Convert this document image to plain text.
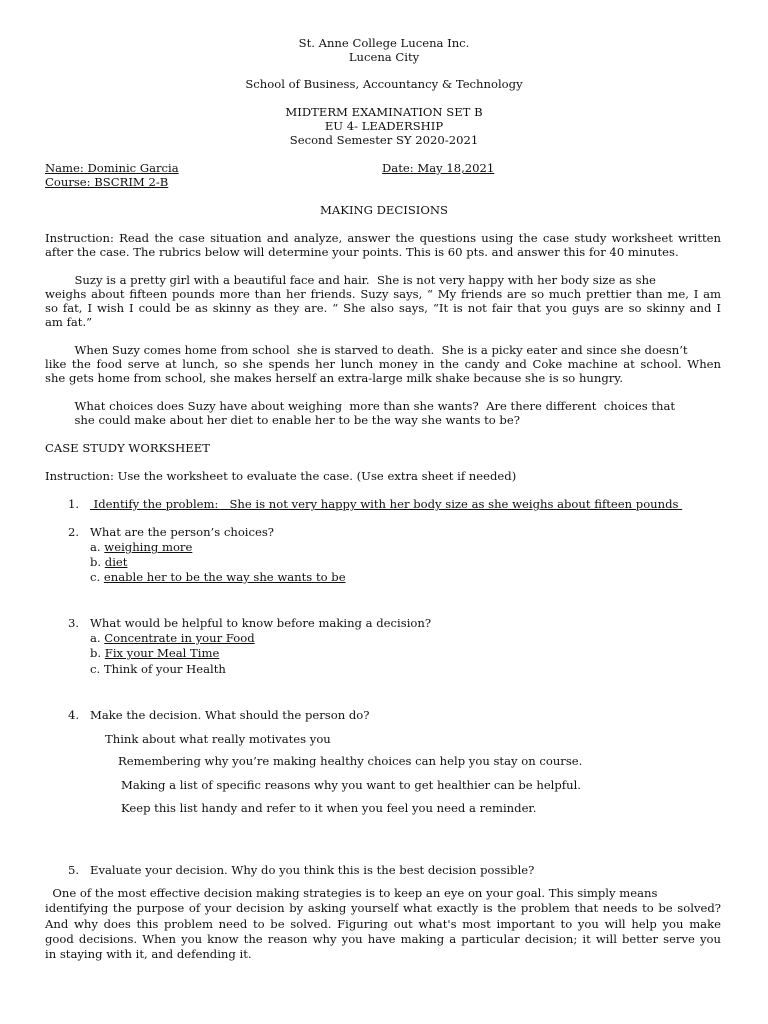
St. Anne College Lucena Inc.
Lucena City
School of Business, Accountancy & Technology
MIDTERM EXAMINATION SET B
EU 4- LEADERSHIP
Second Semester SY 2020-2021
Name: Dominic Garcia	Date: May 18,2021
Course: BSCRIM 2-B
MAKING DECISIONS
Instruction: Read the case situation and analyze, answer the questions using the case study worksheet written
after the case. The rubrics below will determine your points. This is 60 pts. and answer this for 40 minutes.
Suzy is a pretty girl with a beautiful face and hair.  She is not very happy with her body size as she
weighs about fifteen pounds more than her friends. Suzy says, “ My friends are so much prettier than me, I am
so fat, I wish I could be as skinny as they are. “ She also says, “It is not fair that you guys are so skinny and I
am fat.”
When Suzy comes home from school  she is starved to death.  She is a picky eater and since she doesn’t
like the food serve at lunch, so she spends her lunch money in the candy and Coke machine at school. When
she gets home from school, she makes herself an extra-large milk shake because she is so hungry.
What choices does Suzy have about weighing  more than she wants?  Are there different  choices that
she could make about her diet to enable her to be the way she wants to be?
CASE STUDY WORKSHEET
Instruction: Use the worksheet to evaluate the case. (Use extra sheet if needed)
1. Identify the problem:   She is not very happy with her body size as she weighs about fifteen pounds
2. What are the person’s choices?
a. weighing more
b. diet
c. enable her to be the way she wants to be
3. What would be helpful to know before making a decision?
a. Concentrate in your Food
b. Fix your Meal Time
c. Think of your Health
4. Make the decision. What should the person do?
Think about what really motivates you
Remembering why you’re making healthy choices can help you stay on course.
Making a list of specific reasons why you want to get healthier can be helpful.
Keep this list handy and refer to it when you feel you need a reminder.
5. Evaluate your decision. Why do you think this is the best decision possible?
One of the most effective decision making strategies is to keep an eye on your goal. This simply means
identifying the purpose of your decision by asking yourself what exactly is the problem that needs to be solved?
And why does this problem need to be solved. Figuring out what's most important to you will help you make
good decisions. When you know the reason why you have making a particular decision; it will better serve you
in staying with it, and defending it.
